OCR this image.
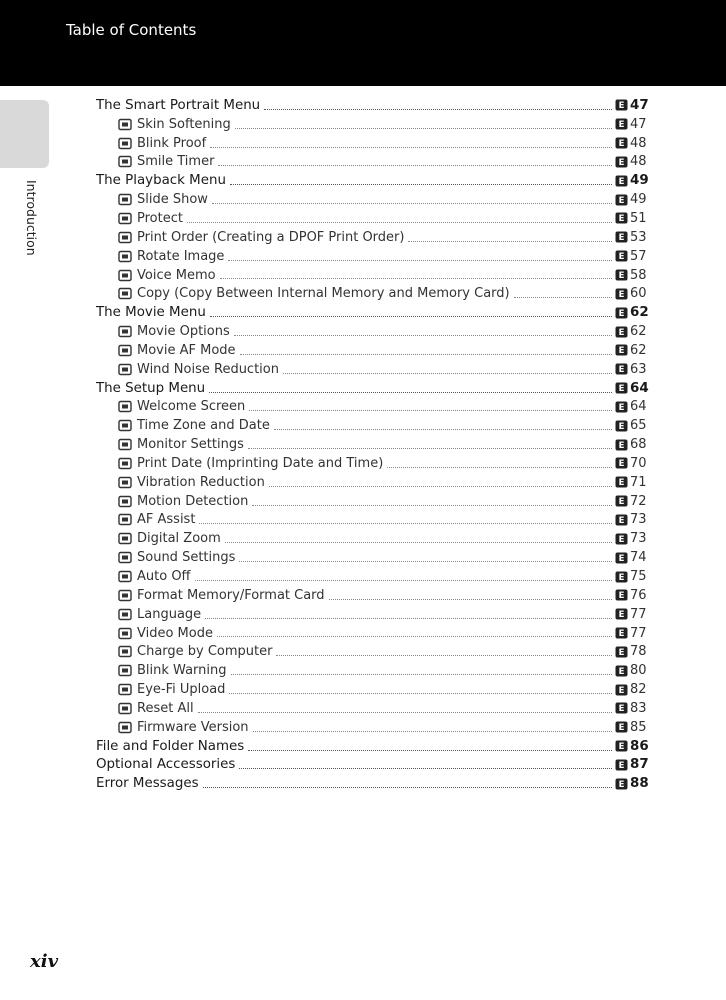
Table of Contents
Introduction
The Smart Portrait Menu	E 47
Skin Softening	E 47
Blink Proof	E 48
Smile Timer	E 48
The Playback Menu	E 49
Slide Show	E 49
Protect	E 51
Print Order (Creating a DPOF Print Order)	E 53
Rotate Image	E 57
Voice Memo	E 58
Copy (Copy Between Internal Memory and Memory Card)	E 60
The Movie Menu	E 62
Movie Options	E 62
Movie AF Mode	E 62
Wind Noise Reduction	E 63
The Setup Menu	E 64
Welcome Screen	E 64
Time Zone and Date	E 65
Monitor Settings	E 68
Print Date (Imprinting Date and Time)	E 70
Vibration Reduction	E 71
Motion Detection	E 72
AF Assist	E 73
Digital Zoom	E 73
Sound Settings	E 74
Auto Off	E 75
Format Memory/Format Card	E 76
Language	E 77
Video Mode	E 77
Charge by Computer	E 78
Blink Warning	E 80
Eye-Fi Upload	E 82
Reset All	E 83
Firmware Version	E 85
File and Folder Names	E 86
Optional Accessories	E 87
Error Messages	E 88
xiv
